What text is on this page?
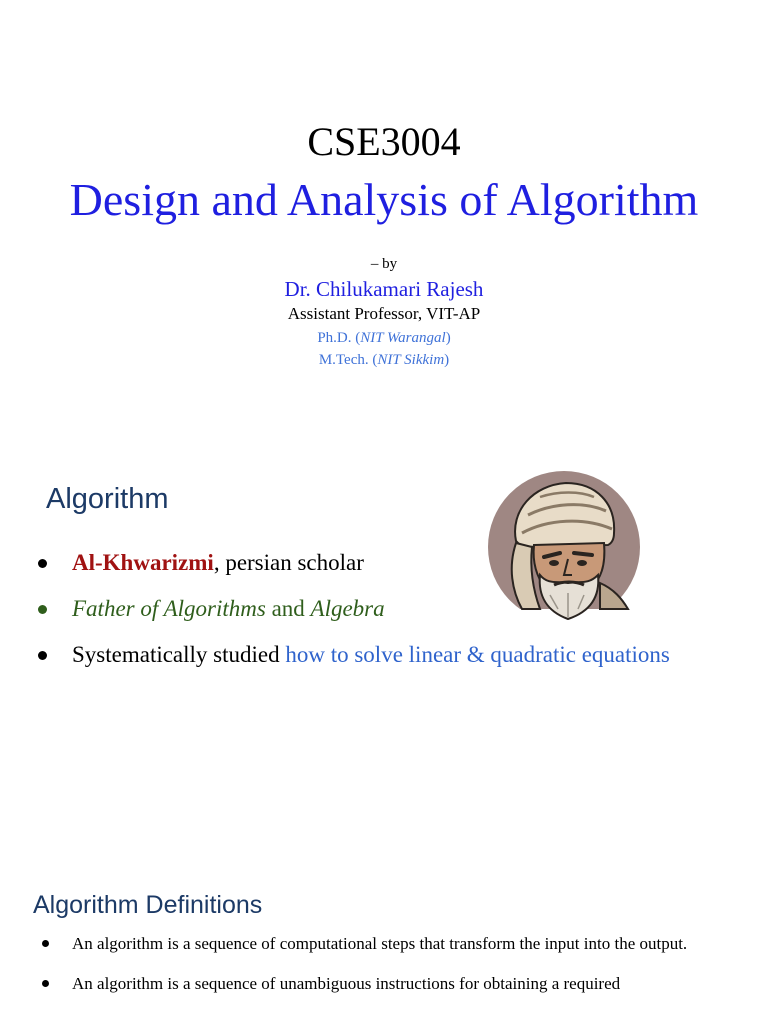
CSE3004
Design and Analysis of Algorithm
– by
Dr. Chilukamari Rajesh
Assistant Professor, VIT-AP
Ph.D. (NIT Warangal)
M.Tech. (NIT Sikkim)
Algorithm
Al-Khwarizmi, persian scholar
Father of Algorithms and Algebra
Systematically studied how to solve linear & quadratic equations
Algorithm Definitions
An algorithm is a sequence of computational steps that transform the input into the output.
An algorithm is a sequence of unambiguous instructions for obtaining a required
